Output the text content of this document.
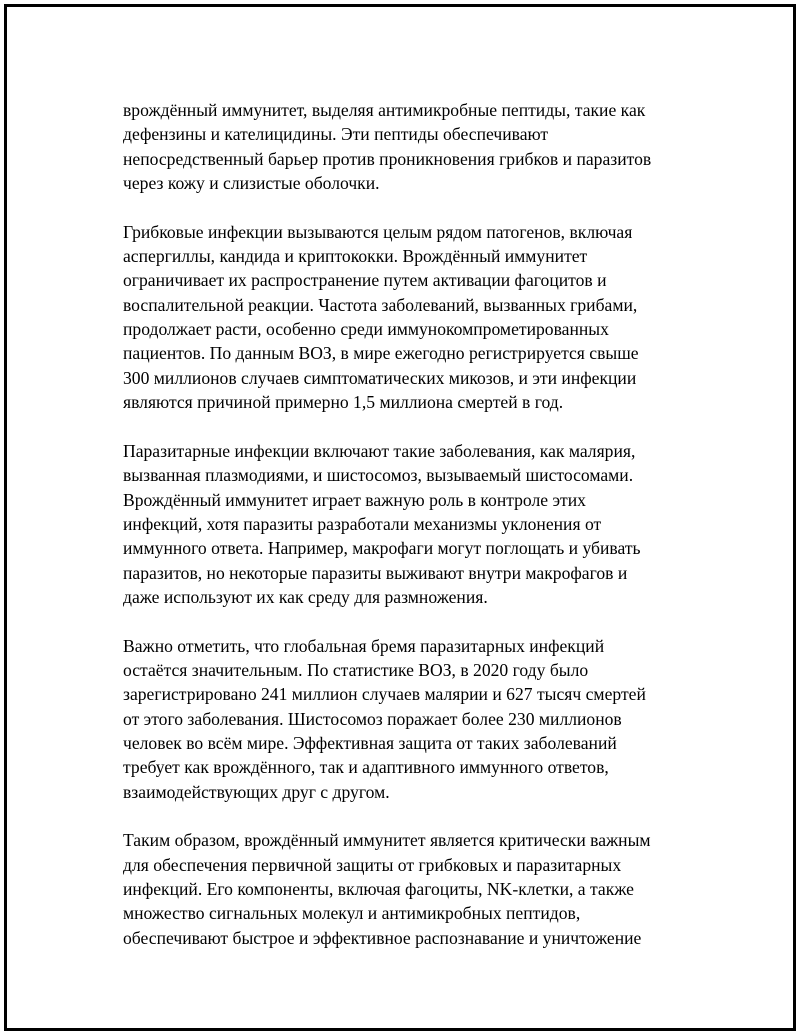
врождённый иммунитет, выделяя антимикробные пептиды, такие как
дефензины и кателицидины. Эти пептиды обеспечивают
непосредственный барьер против проникновения грибков и паразитов
через кожу и слизистые оболочки.

Грибковые инфекции вызываются целым рядом патогенов, включая
аспергиллы, кандида и криптококки. Врождённый иммунитет
ограничивает их распространение путем активации фагоцитов и
воспалительной реакции. Частота заболеваний, вызванных грибами,
продолжает расти, особенно среди иммунокомпрометированных
пациентов. По данным ВОЗ, в мире ежегодно регистрируется свыше
300 миллионов случаев симптоматических микозов, и эти инфекции
являются причиной примерно 1,5 миллиона смертей в год.

Паразитарные инфекции включают такие заболевания, как малярия,
вызванная плазмодиями, и шистосомоз, вызываемый шистосомами.
Врождённый иммунитет играет важную роль в контроле этих
инфекций, хотя паразиты разработали механизмы уклонения от
иммунного ответа. Например, макрофаги могут поглощать и убивать
паразитов, но некоторые паразиты выживают внутри макрофагов и
даже используют их как среду для размножения.

Важно отметить, что глобальная бремя паразитарных инфекций
остаётся значительным. По статистике ВОЗ, в 2020 году было
зарегистрировано 241 миллион случаев малярии и 627 тысяч смертей
от этого заболевания. Шистосомоз поражает более 230 миллионов
человек во всём мире. Эффективная защита от таких заболеваний
требует как врождённого, так и адаптивного иммунного ответов,
взаимодействующих друг с другом.

Таким образом, врождённый иммунитет является критически важным
для обеспечения первичной защиты от грибковых и паразитарных
инфекций. Его компоненты, включая фагоциты, NK-клетки, а также
множество сигнальных молекул и антимикробных пептидов,
обеспечивают быстрое и эффективное распознавание и уничтожение
